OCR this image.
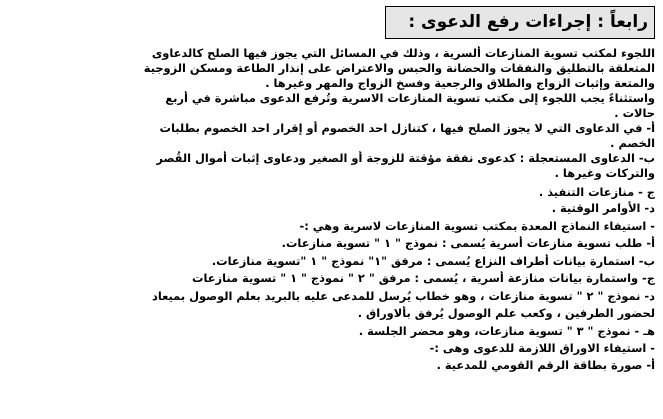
رابعاً : إجراءات رفع الدعوى :
اللجوء لمكتب تسوية المنازعات ألسرية ، وذلك في المسائل التي يجوز فيها الصلح كالدعاوى
المتعلقة بالتطليق والنفقات والحضانة والحبس والاعتراض على إنذار الطاعة ومسكن الزوجية
والمتعة وإثبات الزواج والطلاق والرجعية وفسخ الزواج والمهر وغيرها .
واستثناءً يجب اللجوء إلى مكتب تسوية المنازعات الاسرية وتُرفع الدعوى مباشرة في أربع
حالات .
أ- في الدعاوى التي لا يجوز الصلح فيها ، كتنازل احد الخصوم أو إقرار احد الخصوم بطلبات
الخصم .
ب- الدعاوى المستعجلة : كدعوى نفقة مؤقتة للزوجة أو الصغير ودعاوى إثبات أموال القُصر
والتركات وغيرها .
ج - منازعات التنفيذ .
د- الأوامر الوقتية .
- استيفاء النماذج المعدة بمكتب تسوية المنازعات لاسرية وهي :-
أ- طلب تسوية منازعات أسرية يُسمى : نموذج " ١ " تسوية منازعات.
ب- استمارة بيانات أطراف النزاع يُسمى : مرفق "١" نموذج " ١ "تسوية منازعات.
ج- واستمارة بيانات منازعة أسرية ، يُسمى : مرفق " ٢ " نموذج " ١ " تسوية منازعات
د- نموذج " ٢ " تسوية منازعات ، وهو خطاب يُرسل للمدعى عليه بالبريد بعلم الوصول بميعاد
لحضور الطرفين ، وكعب علم الوصول يُرفق بألاوراق .
هـ - نموذج " ٣ " تسوية منازعات، وهو محضر الجلسة .
- استيفاء الاوراق اللازمة للدعوى وهى :-
أ- صورة بطاقة الرقم القومي للمدعية .
